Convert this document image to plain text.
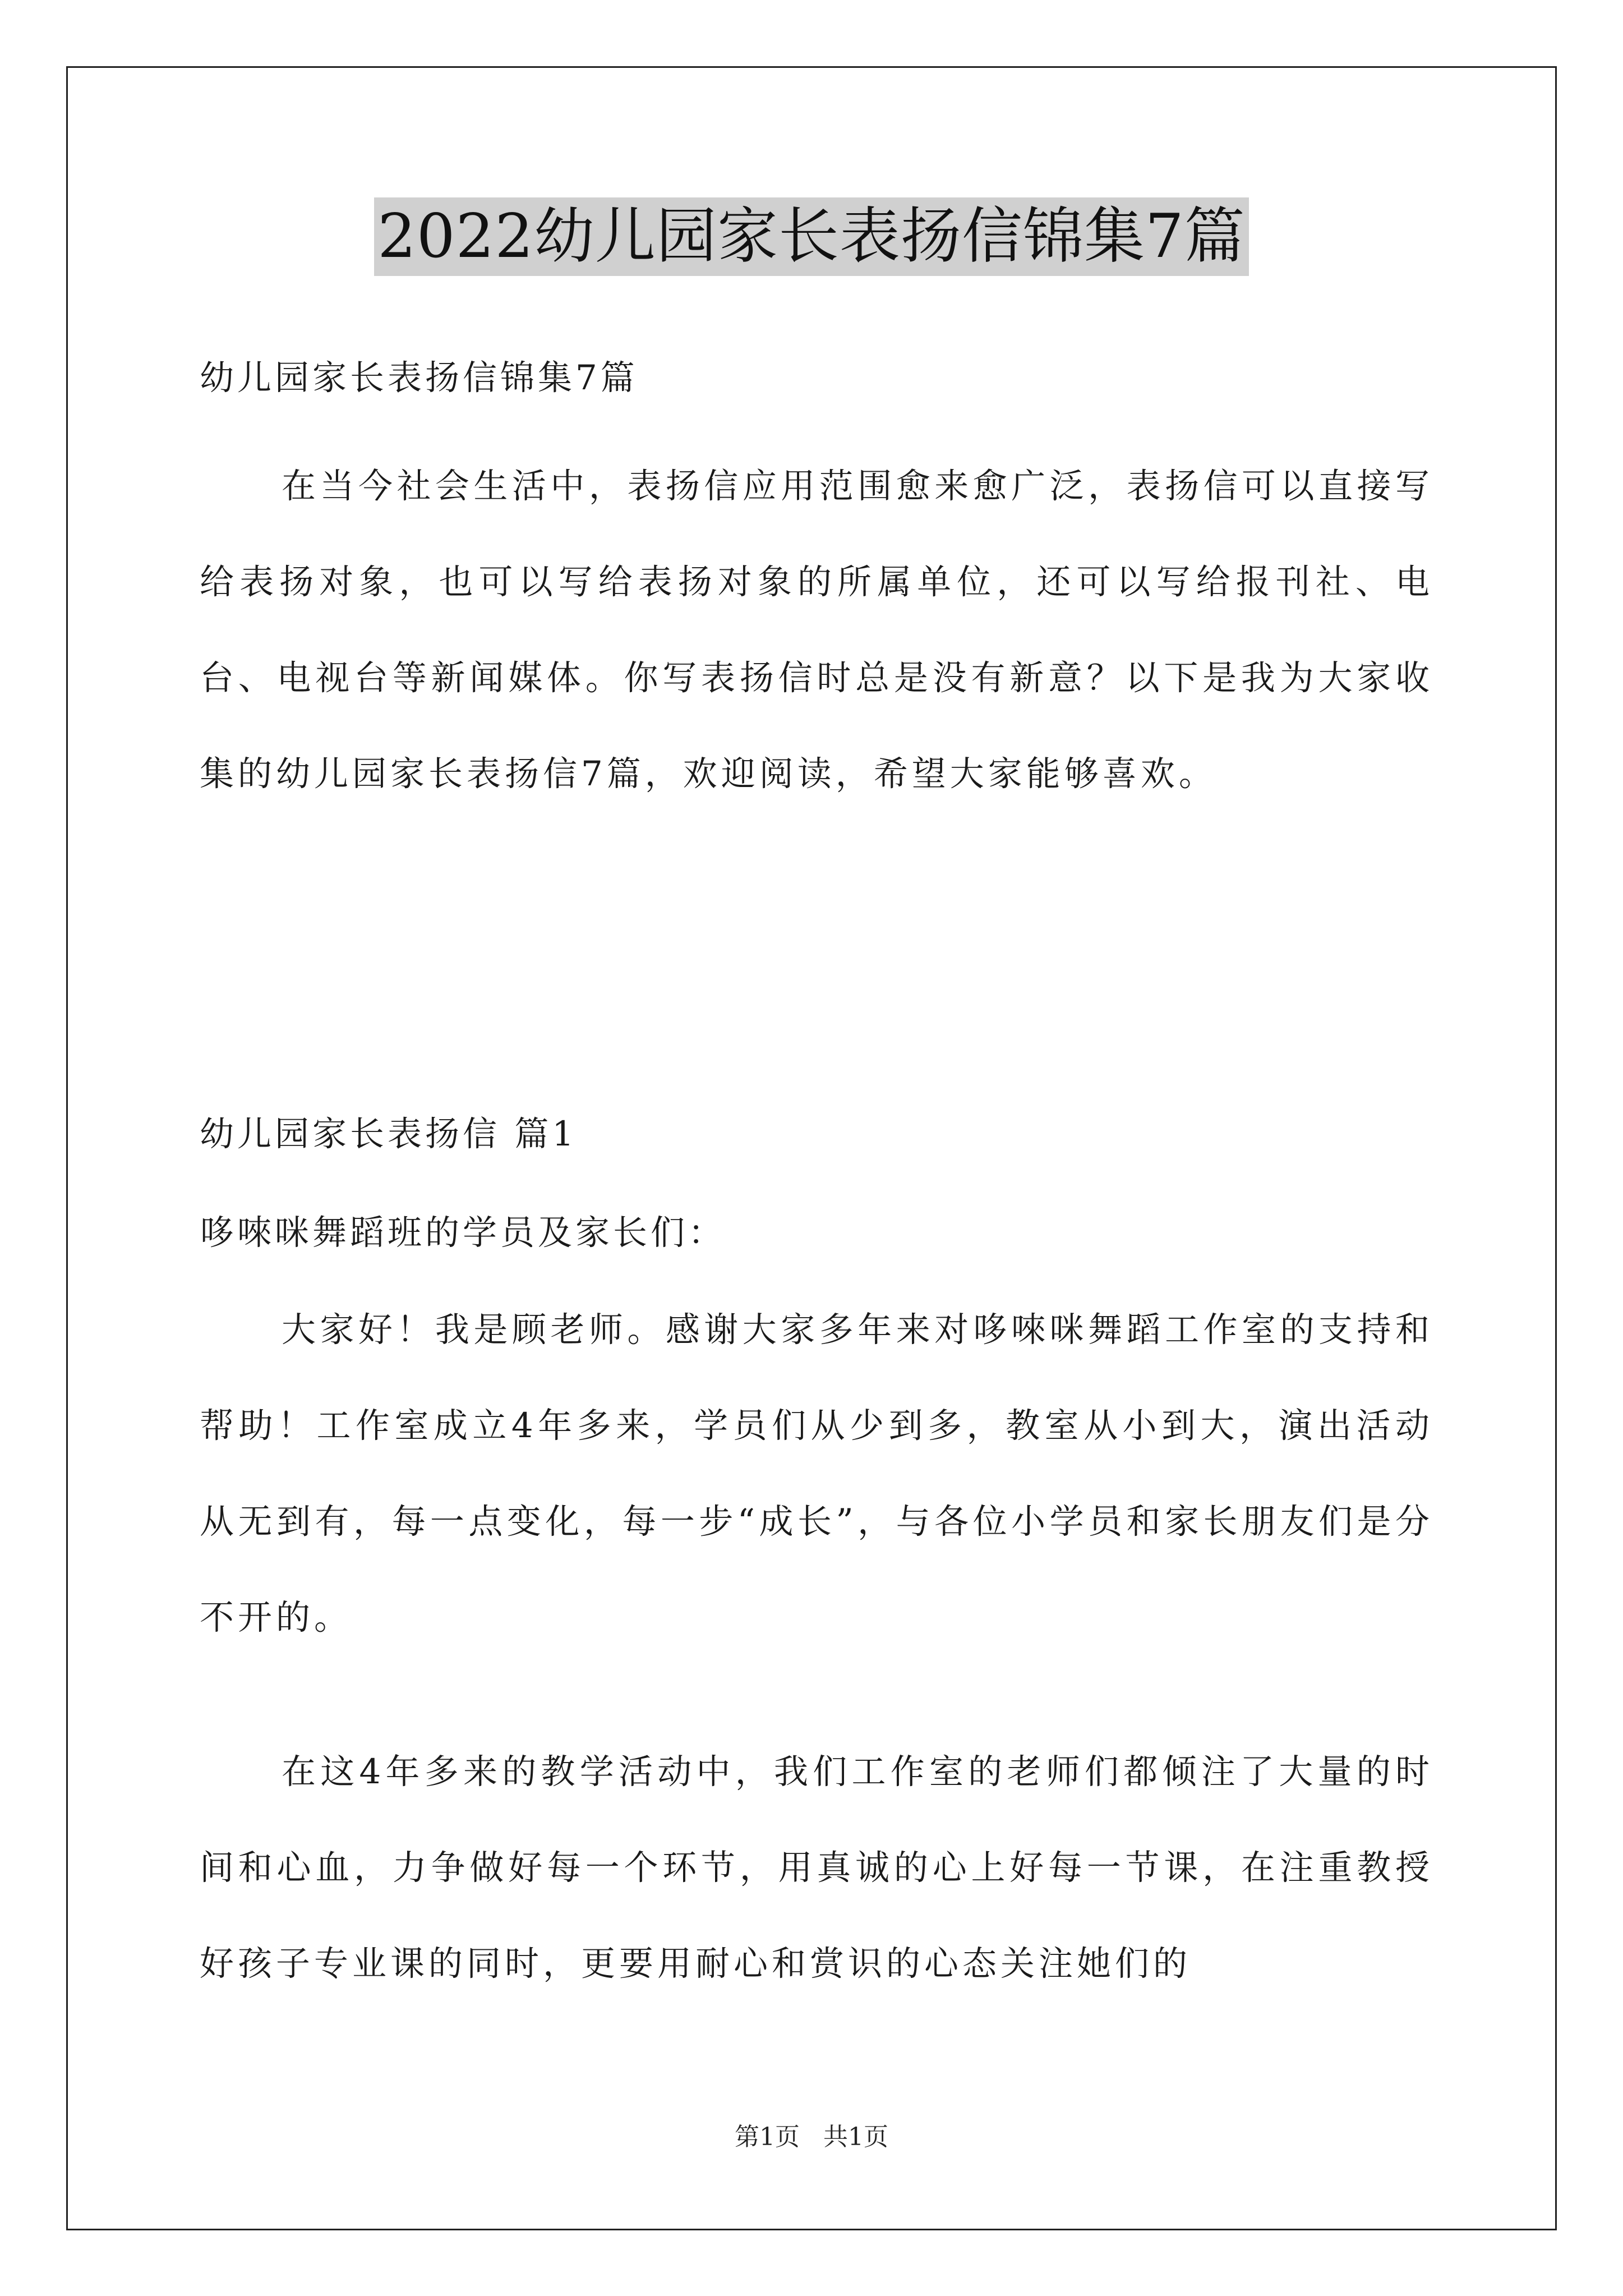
2022幼儿园家长表扬信锦集7篇

幼儿园家长表扬信锦集7篇

在当今社会生活中，表扬信应用范围愈来愈广泛，表扬信可以直接写给表扬对象，也可以写给表扬对象的所属单位，还可以写给报刊社、电台、电视台等新闻媒体。你写表扬信时总是没有新意？以下是我为大家收集的幼儿园家长表扬信7篇，欢迎阅读，希望大家能够喜欢。

幼儿园家长表扬信 篇1

哆唻咪舞蹈班的学员及家长们：

大家好！我是顾老师。感谢大家多年来对哆唻咪舞蹈工作室的支持和帮助！工作室成立4年多来，学员们从少到多，教室从小到大，演出活动从无到有，每一点变化，每一步“成长”，与各位小学员和家长朋友们是分不开的。

在这4年多来的教学活动中，我们工作室的老师们都倾注了大量的时间和心血，力争做好每一个环节，用真诚的心上好每一节课，在注重教授好孩子专业课的同时，更要用耐心和赏识的心态关注她们的

第1页   共1页
